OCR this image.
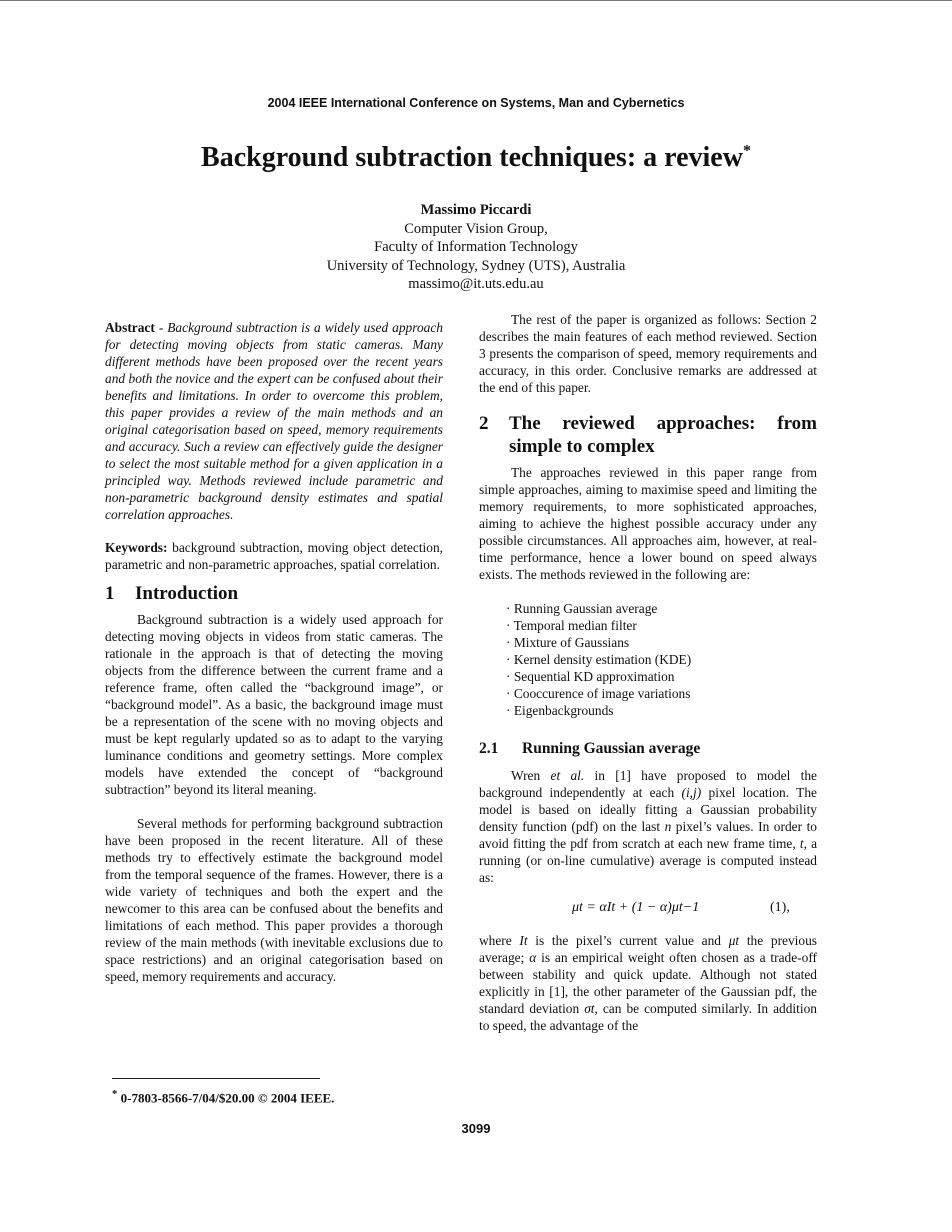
2004 IEEE International Conference on Systems, Man and Cybernetics
Background subtraction techniques: a review*
Massimo Piccardi
Computer Vision Group,
Faculty of Information Technology
University of Technology, Sydney (UTS), Australia
massimo@it.uts.edu.au

Abstract - Background subtraction is a widely used approach for detecting moving objects from static cameras. Many different methods have been proposed over the recent years and both the novice and the expert can be confused about their benefits and limitations. In order to overcome this problem, this paper provides a review of the main methods and an original categorisation based on speed, memory requirements and accuracy. Such a review can effectively guide the designer to select the most suitable method for a given application in a principled way. Methods reviewed include parametric and non-parametric background density estimates and spatial correlation approaches.

Keywords: background subtraction, moving object detection, parametric and non-parametric approaches, spatial correlation.

1 Introduction

Background subtraction is a widely used approach for detecting moving objects in videos from static cameras. The rationale in the approach is that of detecting the moving objects from the difference between the current frame and a reference frame, often called the “background image”, or “background model”. As a basic, the background image must be a representation of the scene with no moving objects and must be kept regularly updated so as to adapt to the varying luminance conditions and geometry settings. More complex models have extended the concept of “background subtraction” beyond its literal meaning.

Several methods for performing background subtraction have been proposed in the recent literature. All of these methods try to effectively estimate the background model from the temporal sequence of the frames. However, there is a wide variety of techniques and both the expert and the newcomer to this area can be confused about the benefits and limitations of each method. This paper provides a thorough review of the main methods (with inevitable exclusions due to space restrictions) and an original categorisation based on speed, memory requirements and accuracy.

The rest of the paper is organized as follows: Section 2 describes the main features of each method reviewed. Section 3 presents the comparison of speed, memory requirements and accuracy, in this order. Conclusive remarks are addressed at the end of this paper.

2	The reviewed approaches: from simple to complex

The approaches reviewed in this paper range from simple approaches, aiming to maximise speed and limiting the memory requirements, to more sophisticated approaches, aiming to achieve the highest possible accuracy under any possible circumstances. All approaches aim, however, at real-time performance, hence a lower bound on speed always exists. The methods reviewed in the following are:

· Running Gaussian average
· Temporal median filter
· Mixture of Gaussians
· Kernel density estimation (KDE)
· Sequential KD approximation
· Cooccurence of image variations
· Eigenbackgrounds
2.1 Running Gaussian average

Wren et al. in [1] have proposed to model the background independently at each (i,j) pixel location. The model is based on ideally fitting a Gaussian probability density function (pdf) on the last n pixel’s values. In order to avoid fitting the pdf from scratch at each new frame time, t, a running (or on-line cumulative) average is computed instead as:

μt = αIt + (1 − α)μt−1	(1),

where It is the pixel’s current value and μt the previous average; α is an empirical weight often chosen as a trade-off between stability and quick update. Although not stated explicitly in [1], the other parameter of the Gaussian pdf, the standard deviation σt, can be computed similarly. In addition to speed, the advantage of the

* 0-7803-8566-7/04/$20.00 © 2004 IEEE.
3099
